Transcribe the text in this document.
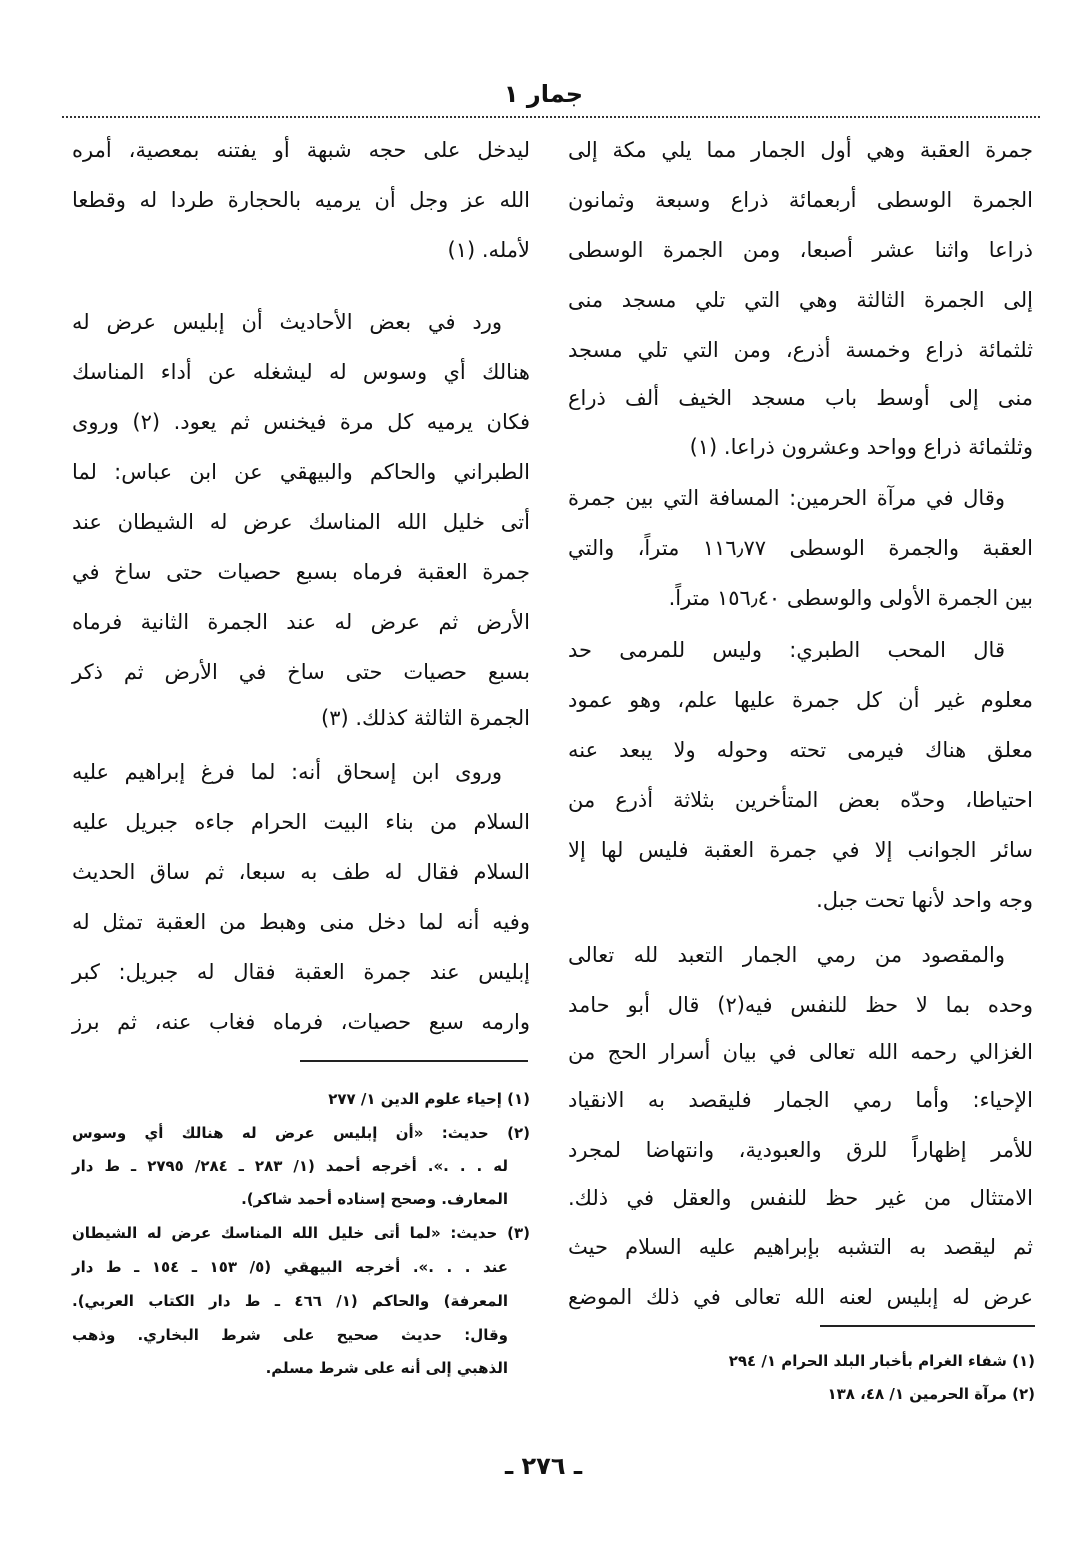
جمار ١
جمرة العقبة وهي أول الجمار مما يلي مكة إلى
الجمرة الوسطى أربعمائة ذراع وسبعة وثمانون
ذراعا واثنا عشر أصبعا، ومن الجمرة الوسطى
إلى الجمرة الثالثة وهي التي تلي مسجد منى
ثلثمائة ذراع وخمسة أذرع، ومن التي تلي مسجد
منى إلى أوسط باب مسجد الخيف ألف ذراع
وثلثمائة ذراع وواحد وعشرون ذراعا. (١)
وقال في مرآة الحرمين: المسافة التي بين جمرة
العقبة والجمرة الوسطى ١١٦٫٧٧ متراً، والتي
بين الجمرة الأولى والوسطى ١٥٦٫٤٠ متراً.
قال المحب الطبري: وليس للمرمى حد
معلوم غير أن كل جمرة عليها علم، وهو عمود
معلق هناك فيرمى تحته وحوله ولا يبعد عنه
احتياطا، وحدّه بعض المتأخرين بثلاثة أذرع من
سائر الجوانب إلا في جمرة العقبة فليس لها إلا
وجه واحد لأنها تحت جبل.
والمقصود من رمي الجمار التعبد لله تعالى
وحده بما لا حظ للنفس فيه(٢) قال أبو حامد
الغزالي رحمه الله تعالى في بيان أسرار الحج من
الإحياء: وأما رمي الجمار فليقصد به الانقياد
للأمر إظهاراً للرق والعبودية، وانتهاضا لمجرد
الامتثال من غير حظ للنفس والعقل في ذلك.
ثم ليقصد به التشبه بإبراهيم عليه السلام حيث
عرض له إبليس لعنه الله تعالى في ذلك الموضع
(١) شفاء الغرام بأخبار البلد الحرام ١/ ٢٩٤
(٢) مرآة الحرمين ١/ ٤٨، ١٣٨
ليدخل على حجه شبهة أو يفتنه بمعصية، أمره
الله عز وجل أن يرميه بالحجارة طردا له وقطعا
لأمله. (١)
ورد في بعض الأحاديث أن إبليس عرض له
هنالك أي وسوس له ليشغله عن أداء المناسك
فكان يرميه كل مرة فيخنس ثم يعود. (٢) وروى
الطبراني والحاكم والبيهقي عن ابن عباس: لما
أتى خليل الله المناسك عرض له الشيطان عند
جمرة العقبة فرماه بسبع حصيات حتى ساخ في
الأرض ثم عرض له عند الجمرة الثانية فرماه
بسبع حصيات حتى ساخ في الأرض ثم ذكر
الجمرة الثالثة كذلك. (٣)
وروى ابن إسحاق أنه: لما فرغ إبراهيم عليه
السلام من بناء البيت الحرام جاءه جبريل عليه
السلام فقال له طف به سبعا، ثم ساق الحديث
وفيه أنه لما دخل منى وهبط من العقبة تمثل له
إبليس عند جمرة العقبة فقال له جبريل: كبر
وارمه سبع حصيات، فرماه فغاب عنه، ثم برز
(١) إحياء علوم الدين ١/ ٢٧٧
(٢) حديث: «أن إبليس عرض له هنالك أي وسوس
له . . .». أخرجه أحمد (١/ ٢٨٣ ـ ٢٨٤/ ٢٧٩٥ ـ ط دار
المعارف. وصحح إسناده أحمد شاكر).
(٣) حديث: «لما أتى خليل الله المناسك عرض له الشيطان
عند . . .». أخرجه البيهقي (٥/ ١٥٣ ـ ١٥٤ ـ ط دار
المعرفة) والحاكم (١/ ٤٦٦ ـ ط دار الكتاب العربي).
وقال: حديث صحيح على شرط البخاري. وذهب
الذهبي إلى أنه على شرط مسلم.
ـ ٢٧٦ ـ
